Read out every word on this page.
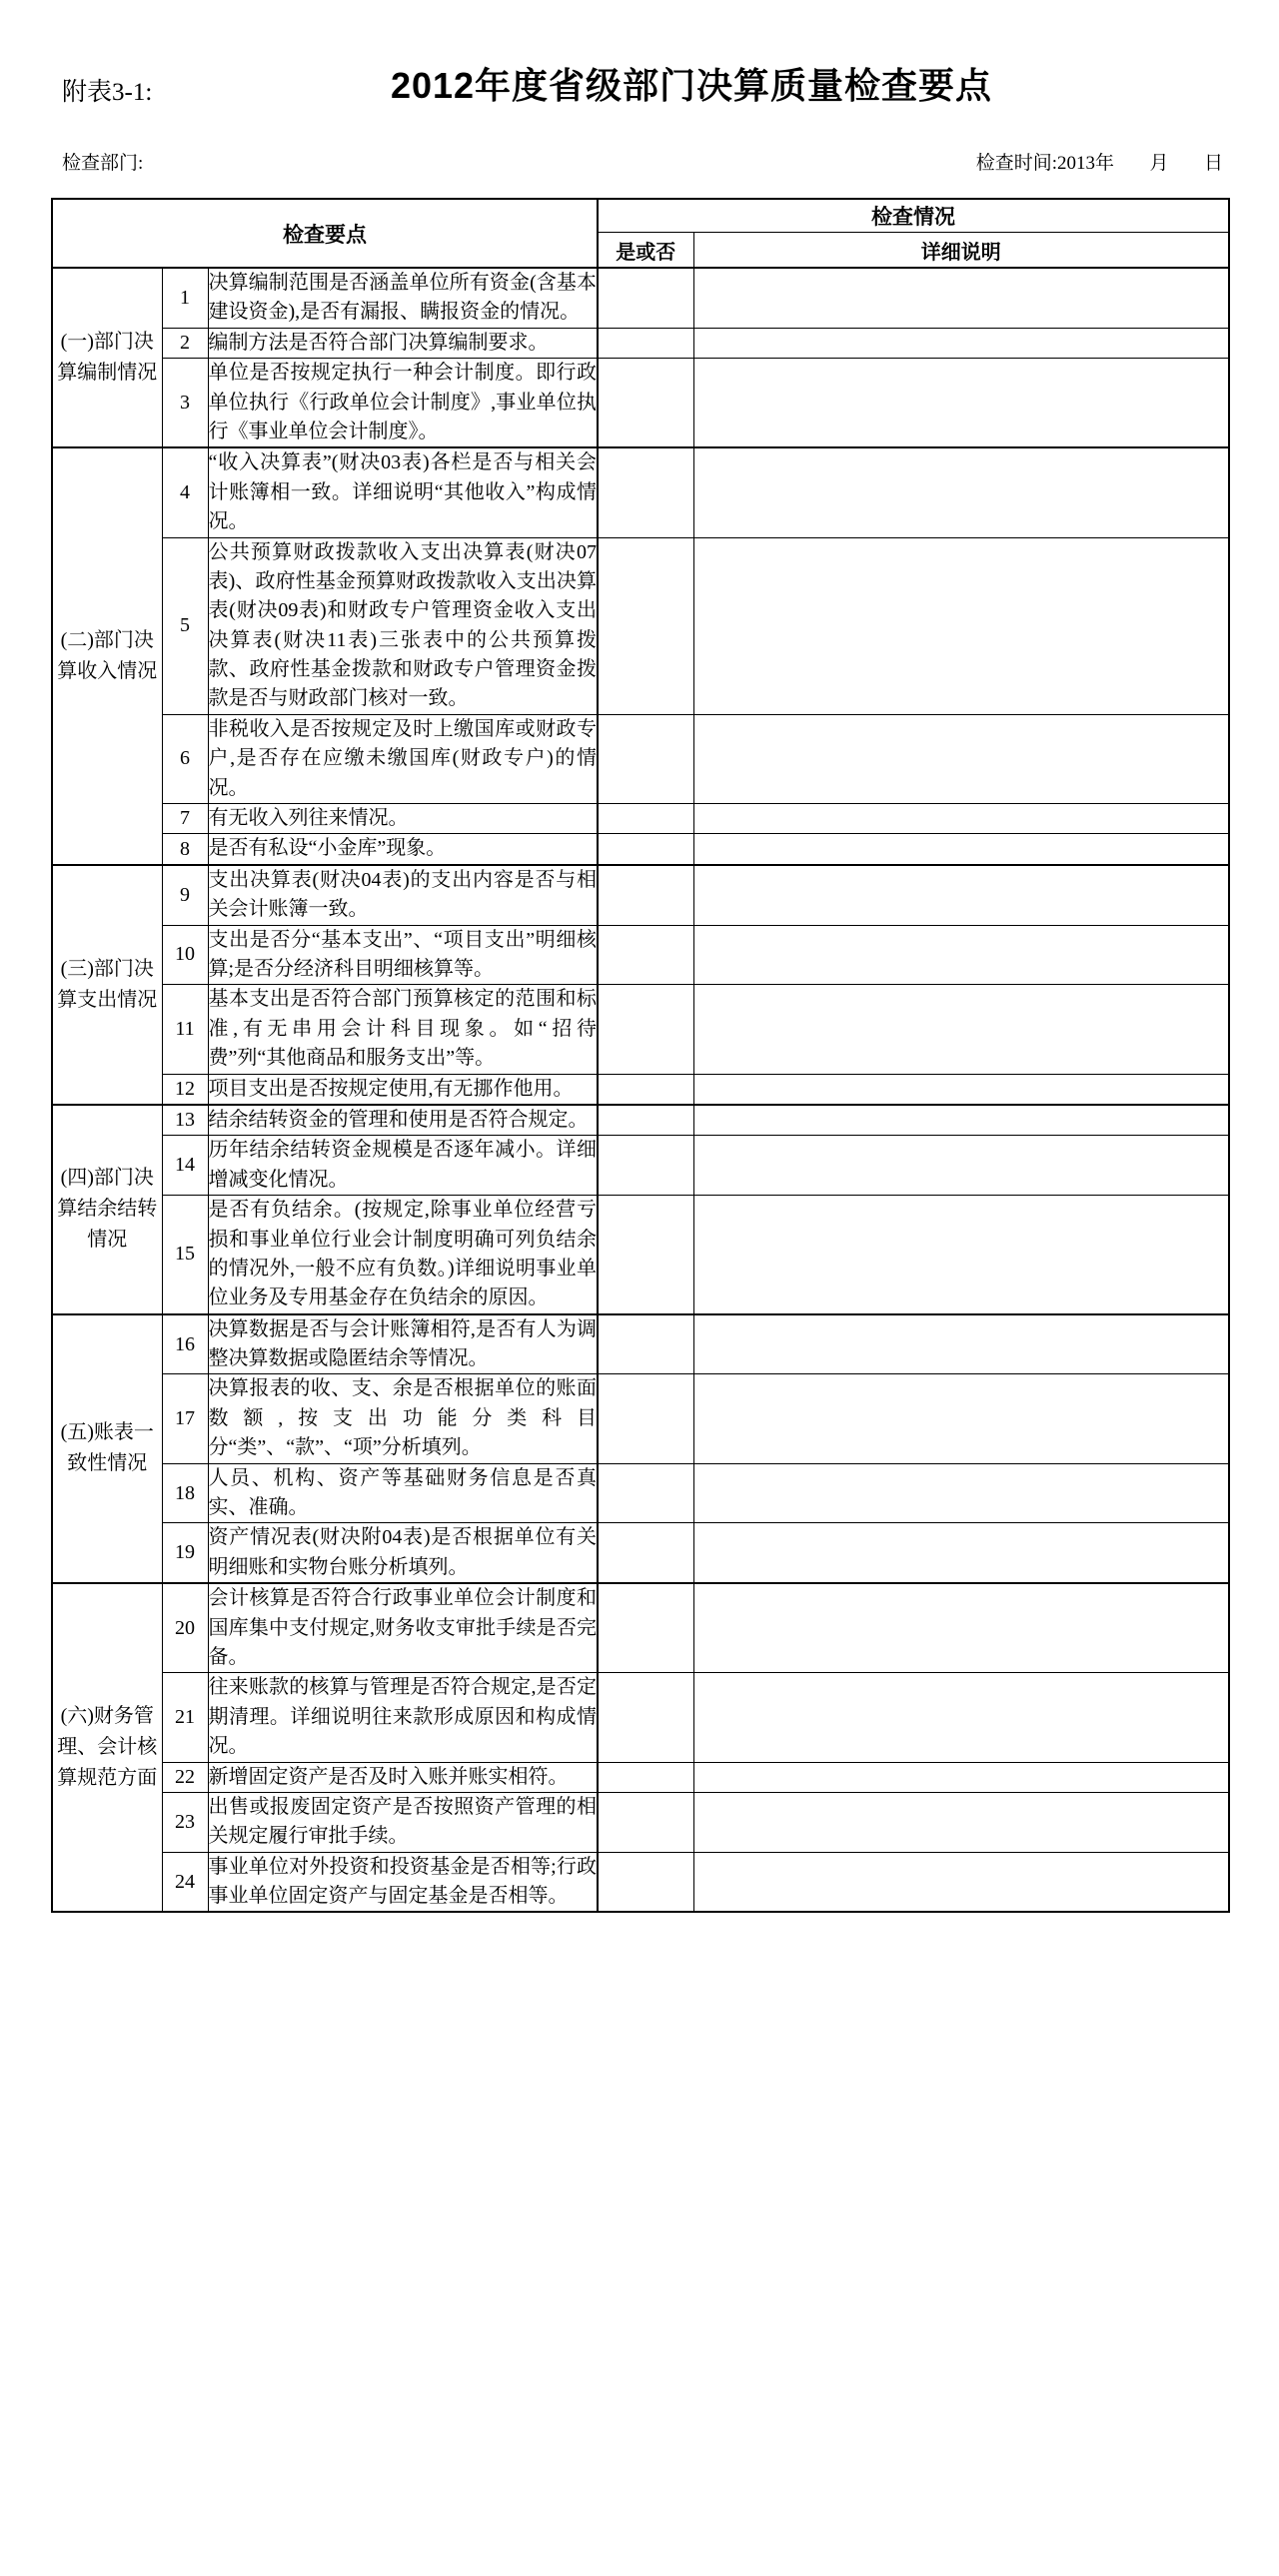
附表3-1:	2012年度省级部门决算质量检查要点
检查部门:	检查时间:2013年 月 日
检查要点			检查情况	
			是或否	详细说明
(一)部门决算编制情况	1	决算编制范围是否涵盖单位所有资金(含基本建设资金),是否有漏报、瞒报资金的情况。		
	2	编制方法是否符合部门决算编制要求。		
	3	单位是否按规定执行一种会计制度。即行政单位执行《行政单位会计制度》,事业单位执行《事业单位会计制度》。		
(二)部门决算收入情况	4	“收入决算表”(财决03表)各栏是否与相关会计账簿相一致。详细说明“其他收入”构成情况。		
	5	公共预算财政拨款收入支出决算表(财决07表)、政府性基金预算财政拨款收入支出决算表(财决09表)和财政专户管理资金收入支出决算表(财决11表)三张表中的公共预算拨款、政府性基金拨款和财政专户管理资金拨款是否与财政部门核对一致。		
	6	非税收入是否按规定及时上缴国库或财政专户,是否存在应缴未缴国库(财政专户)的情况。		
	7	有无收入列往来情况。		
	8	是否有私设“小金库”现象。		
(三)部门决算支出情况	9	支出决算表(财决04表)的支出内容是否与相关会计账簿一致。		
	10	支出是否分“基本支出”、“项目支出”明细核算;是否分经济科目明细核算等。		
	11	基本支出是否符合部门预算核定的范围和标准,有无串用会计科目现象。如“招待费”列“其他商品和服务支出”等。		
	12	项目支出是否按规定使用,有无挪作他用。		
(四)部门决算结余结转情况	13	结余结转资金的管理和使用是否符合规定。		
	14	历年结余结转资金规模是否逐年减小。详细增减变化情况。		
	15	是否有负结余。(按规定,除事业单位经营亏损和事业单位行业会计制度明确可列负结余的情况外,一般不应有负数。)详细说明事业单位业务及专用基金存在负结余的原因。		
(五)账表一致性情况	16	决算数据是否与会计账簿相符,是否有人为调整决算数据或隐匿结余等情况。		
	17	决算报表的收、支、余是否根据单位的账面数额,按支出功能分类科目分“类”、“款”、“项”分析填列。		
	18	人员、机构、资产等基础财务信息是否真实、准确。		
	19	资产情况表(财决附04表)是否根据单位有关明细账和实物台账分析填列。		
(六)财务管理、会计核算规范方面	20	会计核算是否符合行政事业单位会计制度和国库集中支付规定,财务收支审批手续是否完备。		
	21	往来账款的核算与管理是否符合规定,是否定期清理。详细说明往来款形成原因和构成情况。		
	22	新增固定资产是否及时入账并账实相符。		
	23	出售或报废固定资产是否按照资产管理的相关规定履行审批手续。		
	24	事业单位对外投资和投资基金是否相等;行政事业单位固定资产与固定基金是否相等。		
